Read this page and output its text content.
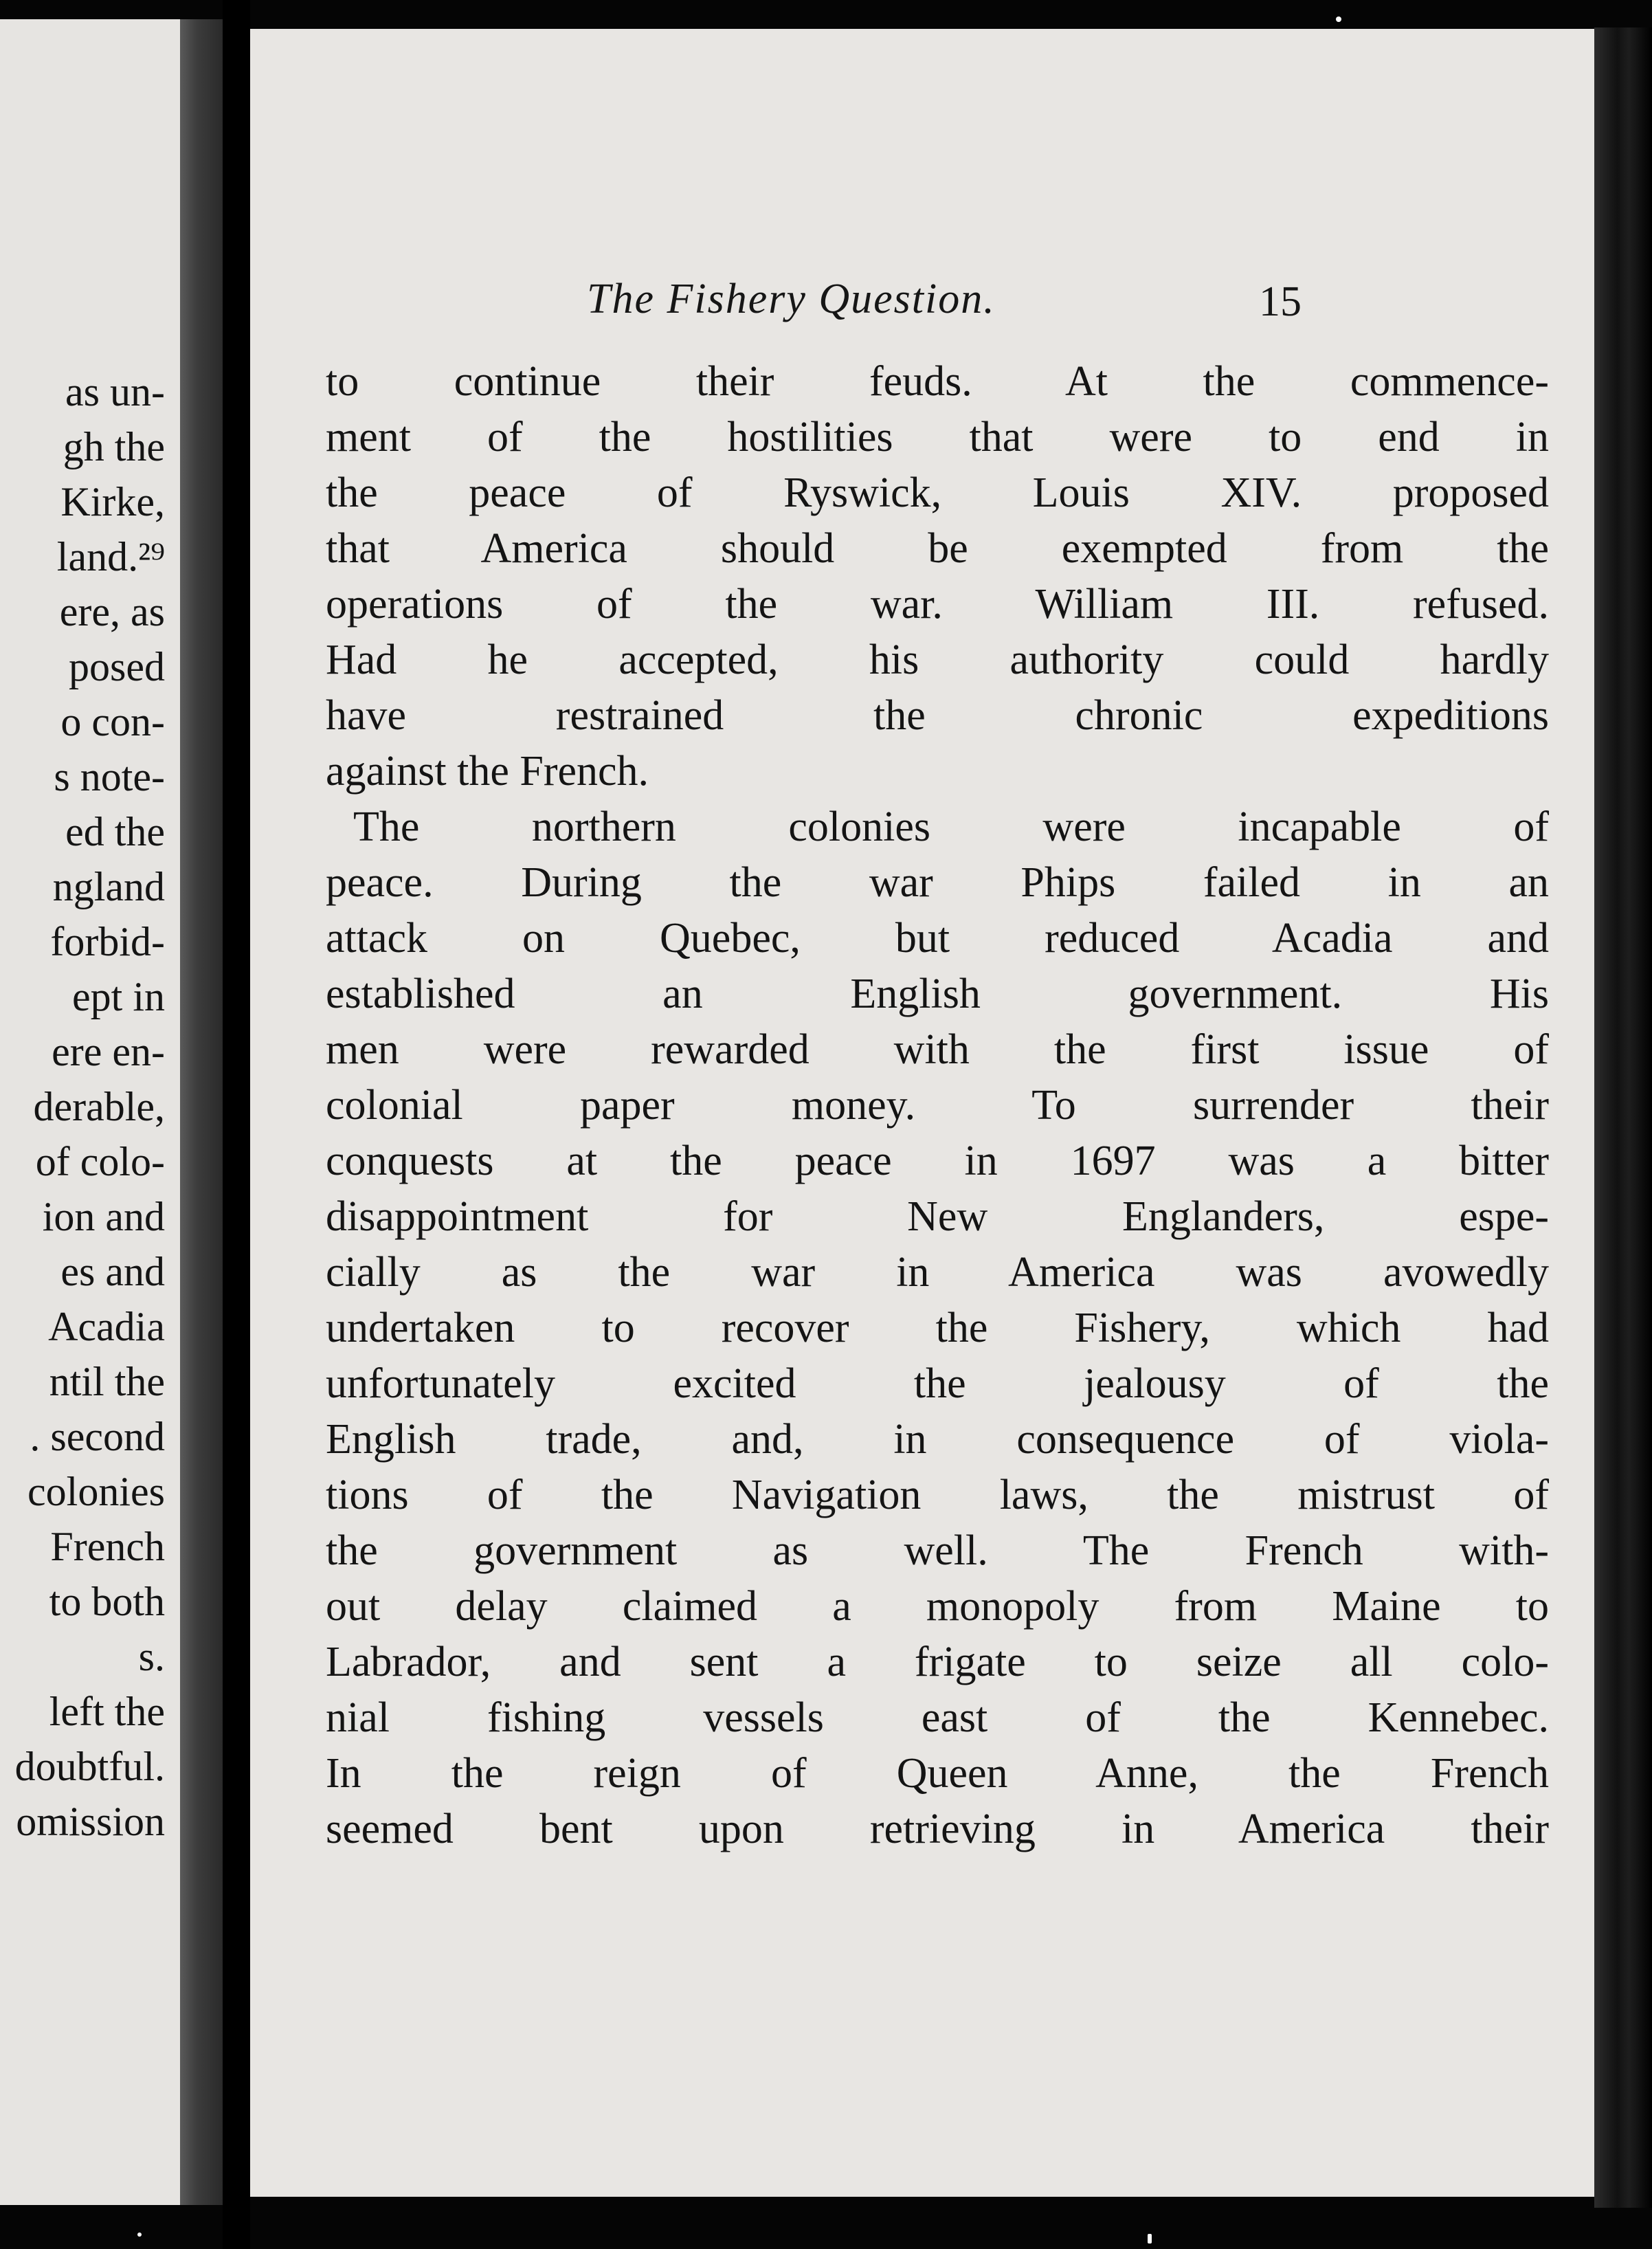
as un-
gh the
Kirke,
land.²⁹
ere, as
posed
o con-
s note-
ed the
ngland
forbid-
ept in
ere en-
derable,
of colo-
ion and
es and
Acadia
ntil the
. second
colonies
French
to both
s.
left the
doubtful.
omission
The Fishery Question.	15
to continue their feuds. At the commence-
ment of the hostilities that were to end in
the peace of Ryswick, Louis XIV. proposed
that America should be exempted from the
operations of the war. William III. refused.
Had he accepted, his authority could hardly
have restrained the chronic expeditions
against the French.
The northern colonies were incapable of
peace. During the war Phips failed in an
attack on Quebec, but reduced Acadia and
established an English government. His
men were rewarded with the first issue of
colonial paper money. To surrender their
conquests at the peace in 1697 was a bitter
disappointment for New Englanders, espe-
cially as the war in America was avowedly
undertaken to recover the Fishery, which had
unfortunately excited the jealousy of the
English trade, and, in consequence of viola-
tions of the Navigation laws, the mistrust of
the government as well. The French with-
out delay claimed a monopoly from Maine to
Labrador, and sent a frigate to seize all colo-
nial fishing vessels east of the Kennebec.
In the reign of Queen Anne, the French
seemed bent upon retrieving in America their
